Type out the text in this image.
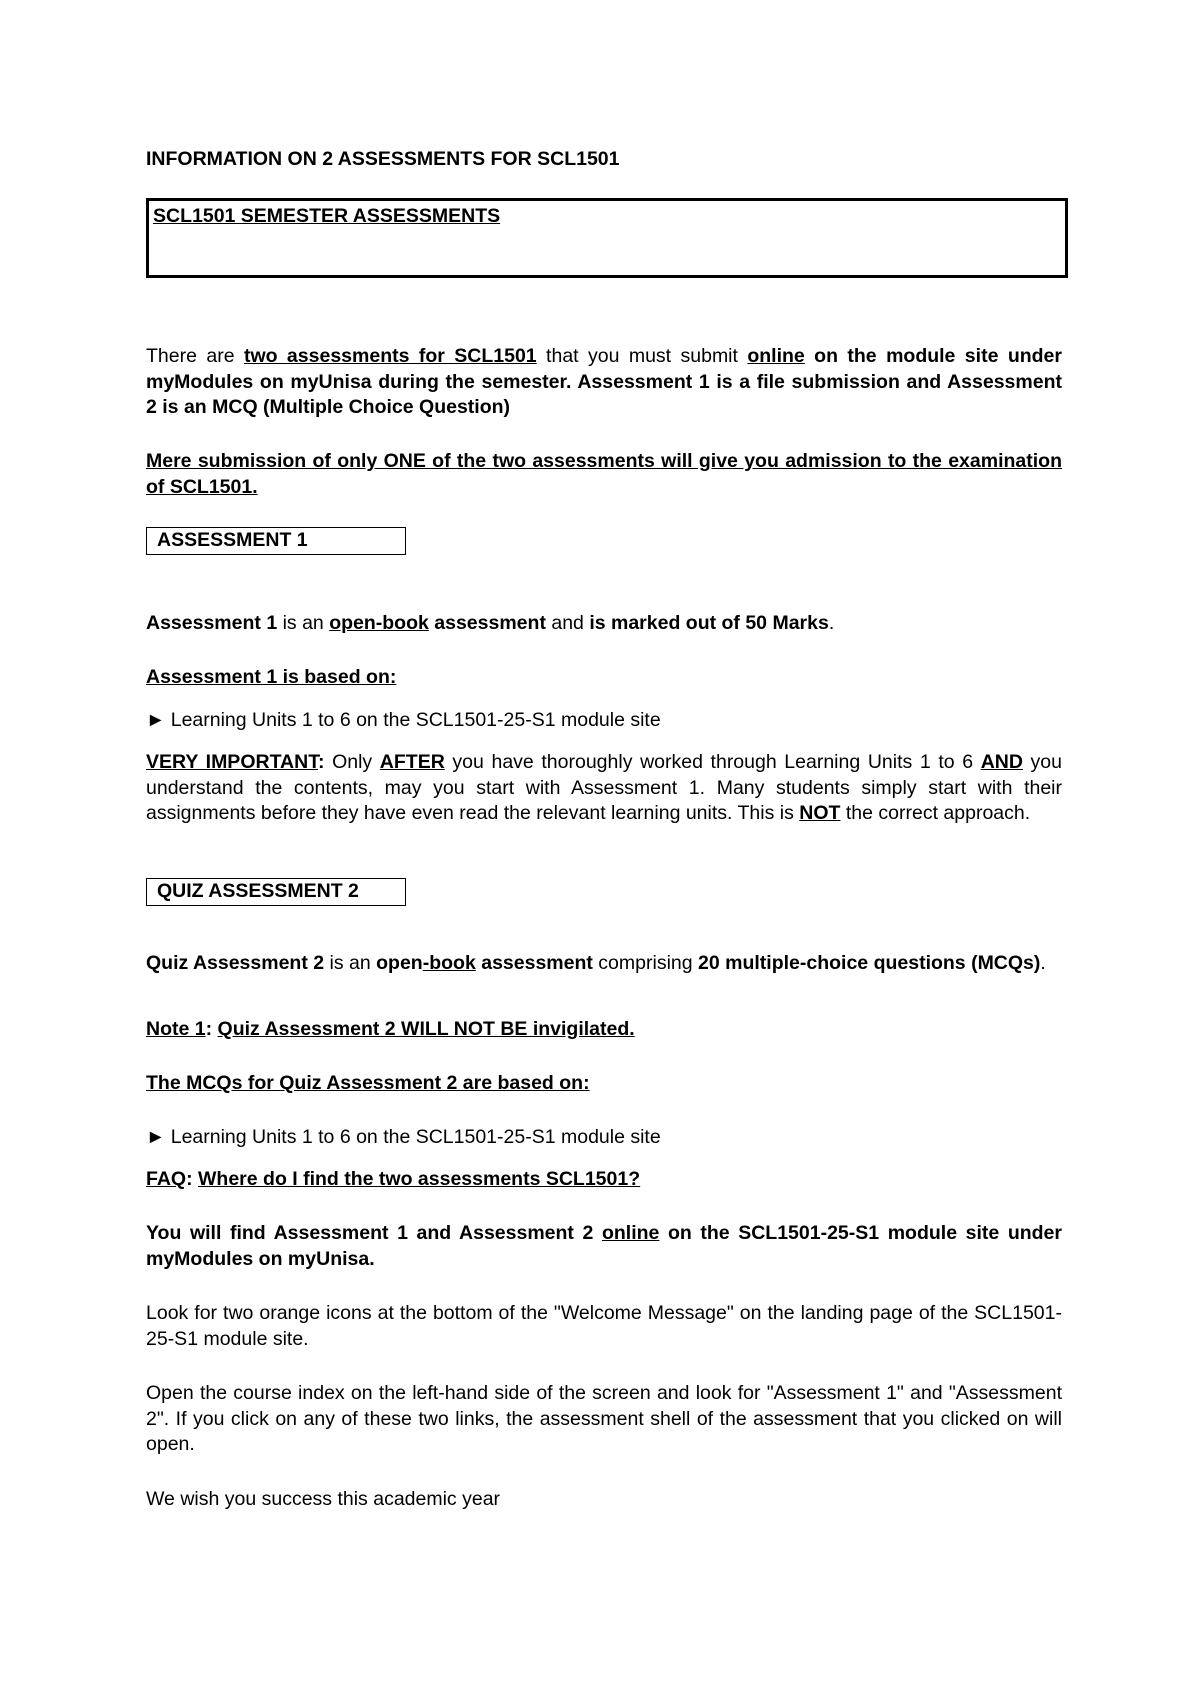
INFORMATION ON 2 ASSESSMENTS FOR SCL1501

SCL1501 SEMESTER ASSESSMENTS

There are two assessments for SCL1501 that you must submit online on the module site under myModules on myUnisa during the semester. Assessment 1 is a file submission and Assessment 2 is an MCQ (Multiple Choice Question)

Mere submission of only ONE of the two assessments will give you admission to the examination of SCL1501.

ASSESSMENT 1

Assessment 1 is an open-book assessment and is marked out of 50 Marks.

Assessment 1 is based on:

► Learning Units 1 to 6 on the SCL1501-25-S1 module site

VERY IMPORTANT: Only AFTER you have thoroughly worked through Learning Units 1 to 6 AND you understand the contents, may you start with Assessment 1. Many students simply start with their assignments before they have even read the relevant learning units. This is NOT the correct approach.

QUIZ ASSESSMENT 2

Quiz Assessment 2 is an open-book assessment comprising 20 multiple-choice questions (MCQs).

Note 1: Quiz Assessment 2 WILL NOT BE invigilated.

The MCQs for Quiz Assessment 2 are based on:

► Learning Units 1 to 6 on the SCL1501-25-S1 module site

FAQ: Where do I find the two assessments SCL1501?

You will find Assessment 1 and Assessment 2 online on the SCL1501-25-S1 module site under myModules on myUnisa.

Look for two orange icons at the bottom of the "Welcome Message" on the landing page of the SCL1501-25-S1 module site.

Open the course index on the left-hand side of the screen and look for "Assessment 1" and "Assessment 2". If you click on any of these two links, the assessment shell of the assessment that you clicked on will open.

We wish you success this academic year
